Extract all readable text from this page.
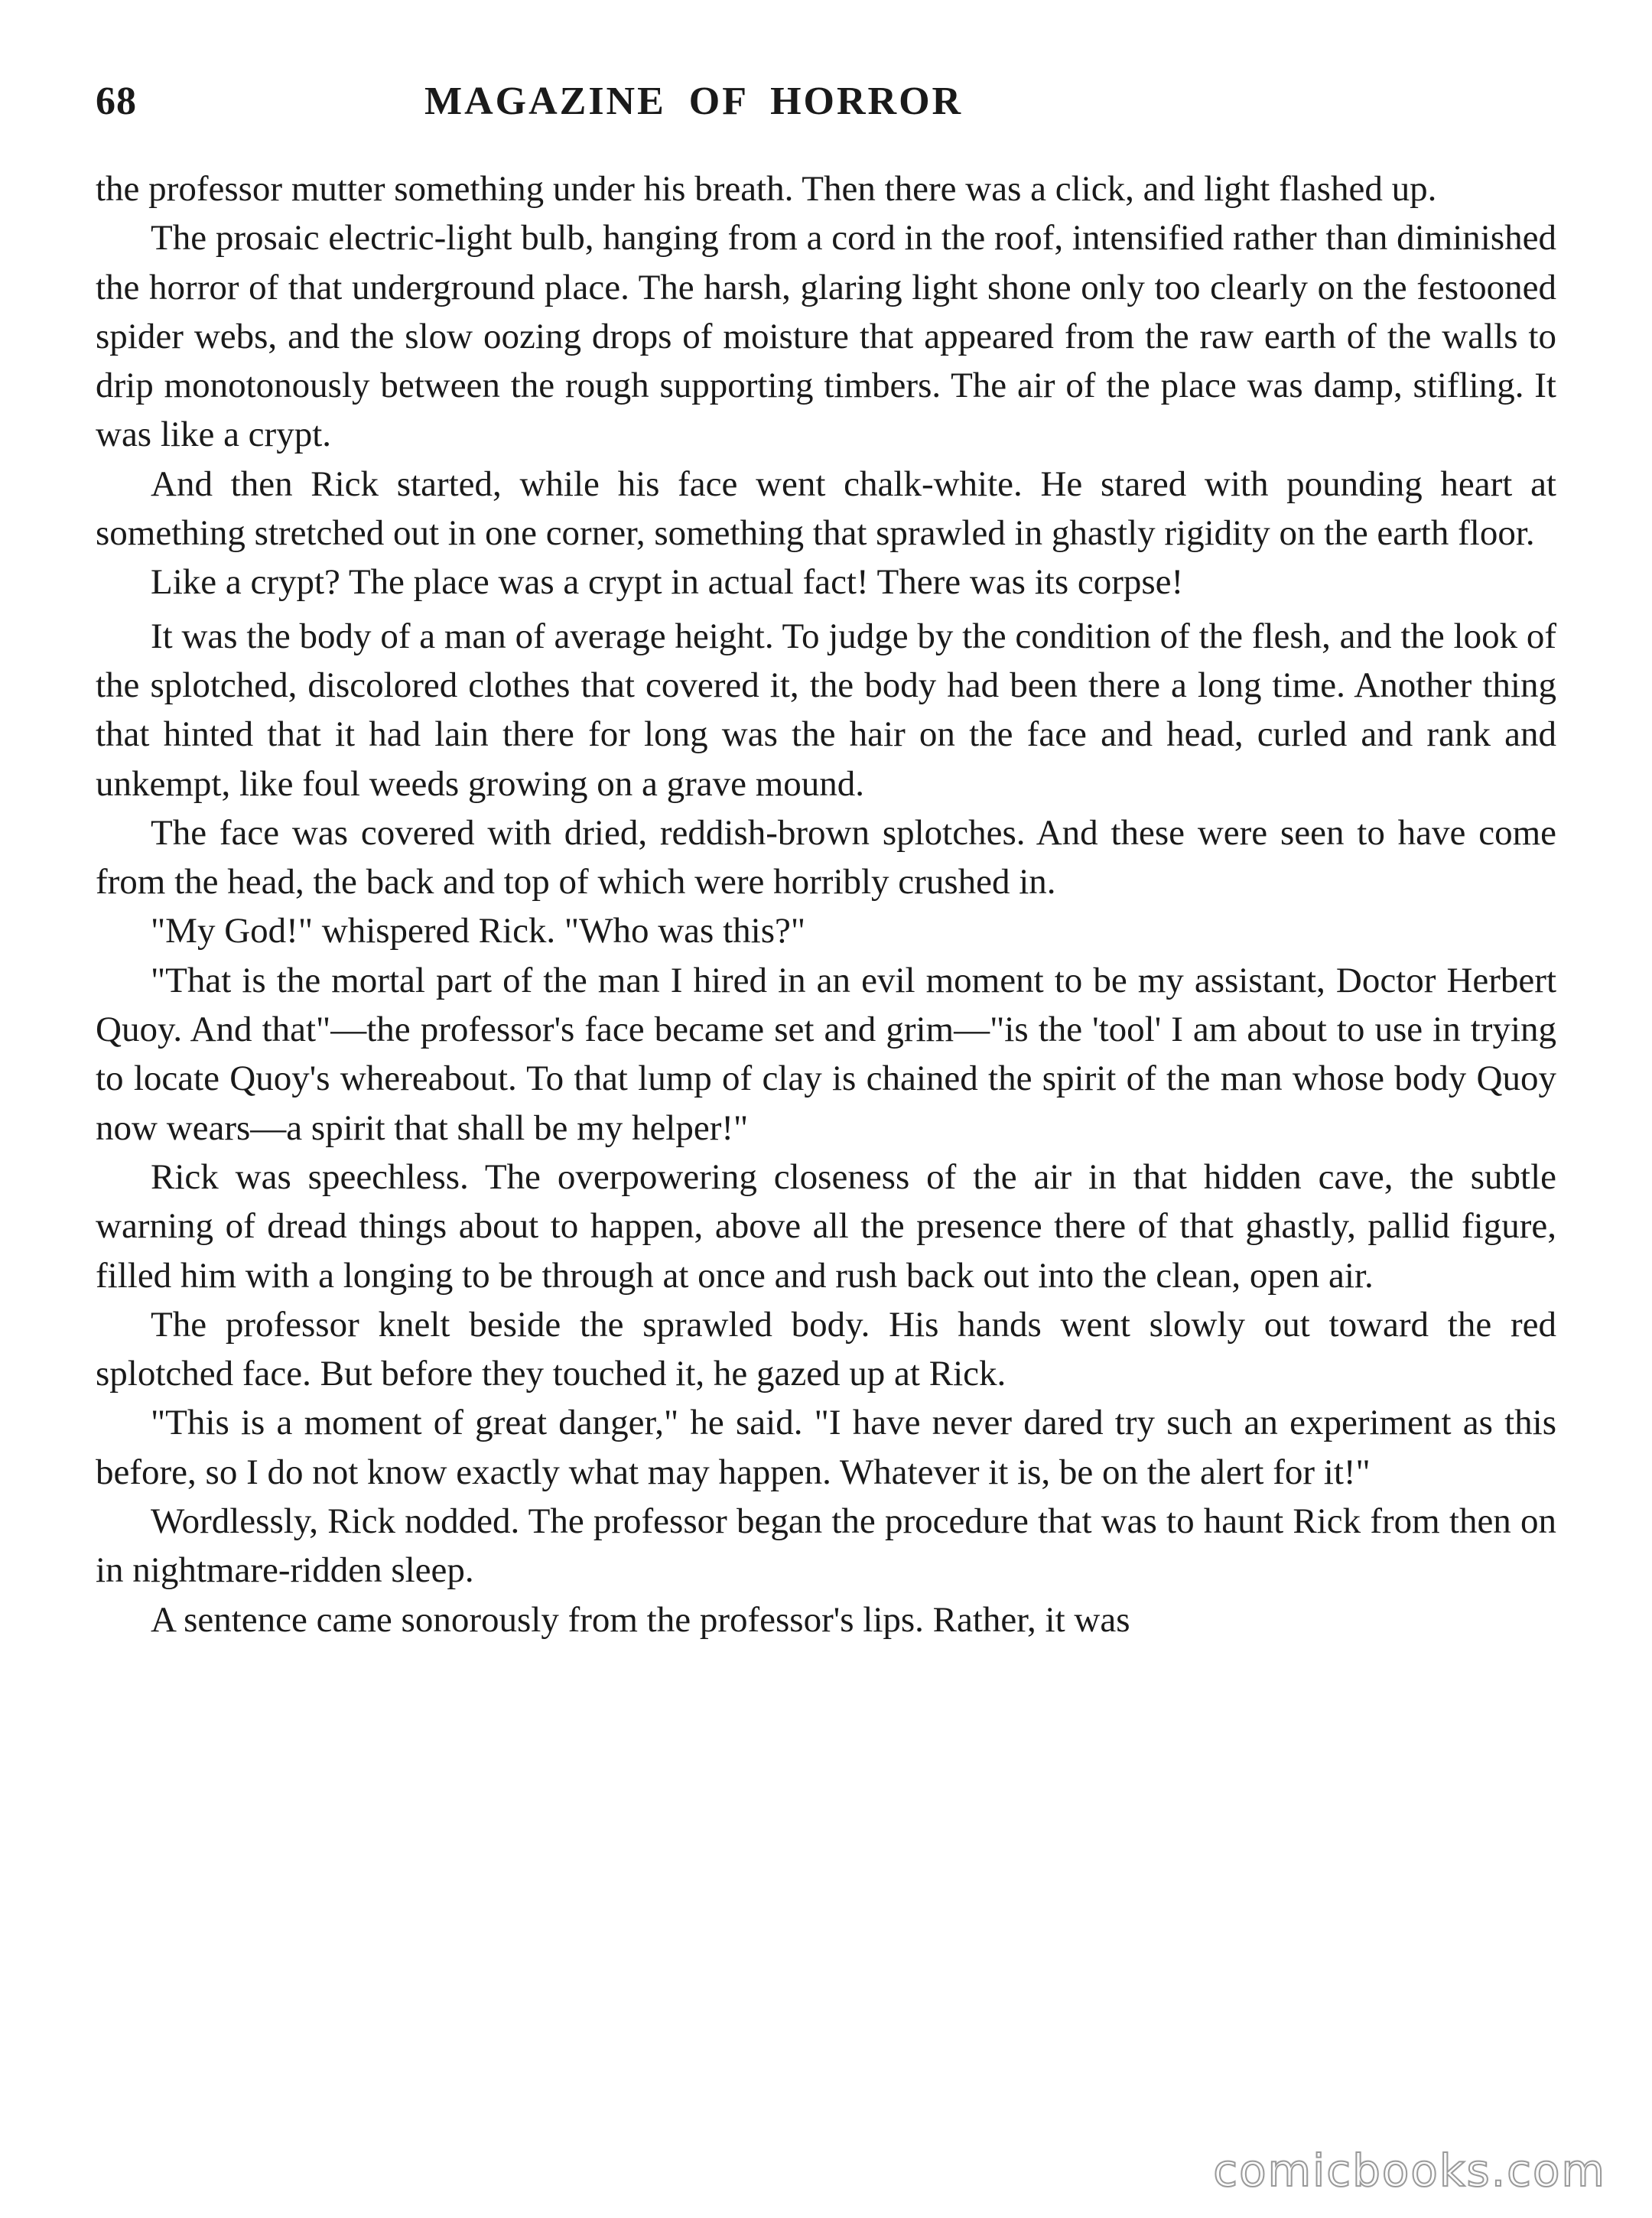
68	MAGAZINE OF HORROR

the professor mutter something under his breath. Then there was a click, and light flashed up.

The prosaic electric-light bulb, hanging from a cord in the roof, intensified rather than diminished the horror of that underground place. The harsh, glaring light shone only too clearly on the festooned spider webs, and the slow oozing drops of moisture that appeared from the raw earth of the walls to drip monotonously between the rough supporting timbers. The air of the place was damp, stifling. It was like a crypt.

And then Rick started, while his face went chalk-white. He stared with pounding heart at something stretched out in one corner, something that sprawled in ghastly rigidity on the earth floor.

Like a crypt? The place was a crypt in actual fact! There was its corpse!

It was the body of a man of average height. To judge by the condition of the flesh, and the look of the splotched, discolored clothes that covered it, the body had been there a long time. Another thing that hinted that it had lain there for long was the hair on the face and head, curled and rank and unkempt, like foul weeds growing on a grave mound.

The face was covered with dried, reddish-brown splotches. And these were seen to have come from the head, the back and top of which were horribly crushed in.

"My God!" whispered Rick. "Who was this?"

"That is the mortal part of the man I hired in an evil moment to be my assistant, Doctor Herbert Quoy. And that"—the professor's face became set and grim—"is the 'tool' I am about to use in trying to locate Quoy's whereabout. To that lump of clay is chained the spirit of the man whose body Quoy now wears—a spirit that shall be my helper!"

Rick was speechless. The overpowering closeness of the air in that hidden cave, the subtle warning of dread things about to happen, above all the presence there of that ghastly, pallid figure, filled him with a longing to be through at once and rush back out into the clean, open air.

The professor knelt beside the sprawled body. His hands went slowly out toward the red splotched face. But before they touched it, he gazed up at Rick.

"This is a moment of great danger," he said. "I have never dared try such an experiment as this before, so I do not know exactly what may happen. Whatever it is, be on the alert for it!"

Wordlessly, Rick nodded. The professor began the procedure that was to haunt Rick from then on in nightmare-ridden sleep.

A sentence came sonorously from the professor's lips. Rather, it was

comicbooks.com
